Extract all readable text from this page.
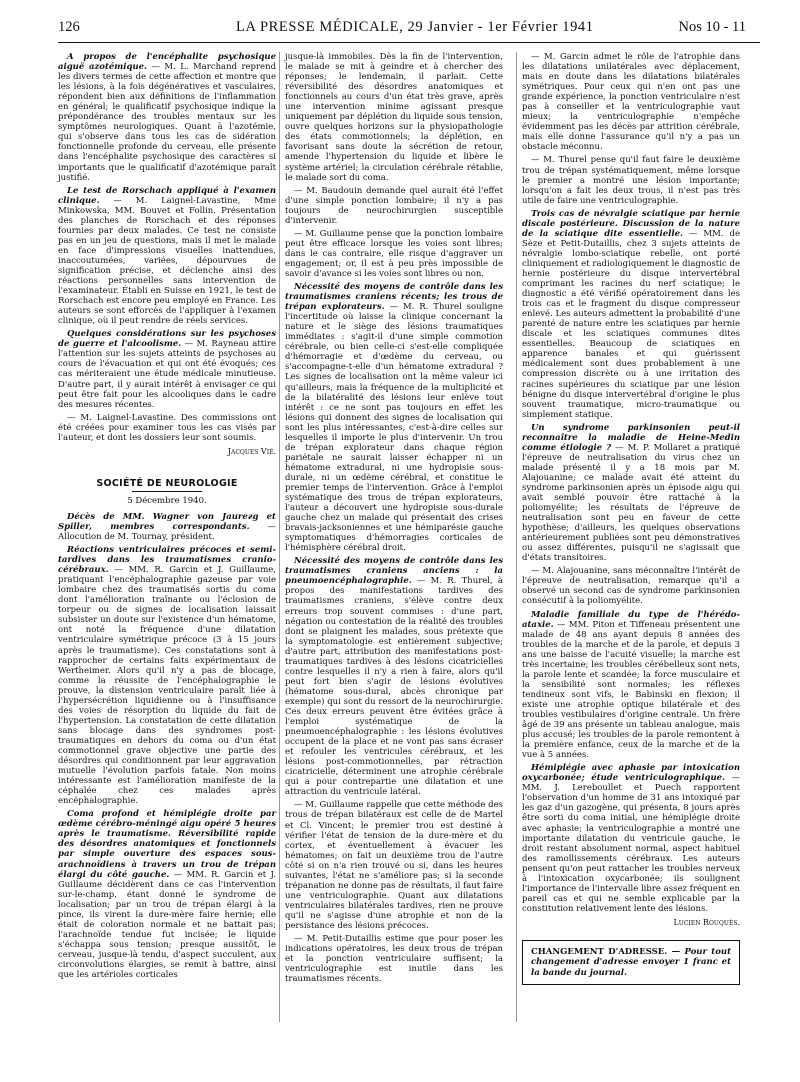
126	LA PRESSE MÉDICALE, 29 Janvier - 1er Février 1941	Nos 10 - 11

A propos de l'encéphalite psychosique aiguë azotémique. — M. L. Marchand reprend les divers termes de cette affection et montre que les lésions, à la fois dégénératives et vasculaires, répondent bien aux définitions de l'inflammation en général; le qualificatif psychosique indique la prépondérance des troubles mentaux sur les symptômes neurologiques. Quant à l'azotémie, qui s'observe dans tous les cas de sidération fonctionnelle profonde du cerveau, elle présente dans l'encéphalite psychosique des caractères si importants que le qualificatif d'azotémique paraît justifié.

Le test de Rorschach appliqué à l'examen clinique. — M. Laignel-Lavastine, Mme Minkowska, MM. Bouvet et Follin. Présentation des planches de Rorschach et des réponses fournies par deux malades. Ce test ne consiste pas en un jeu de questions, mais il met le malade en face d'impressions visuelles inattendues, inaccoutumées, variées, dépourvues de signification précise, et déclenche ainsi des réactions personnelles sans intervention de l'examinateur. Établi en Suisse en 1921, le test de Rorschach est encore peu employé en France. Les auteurs se sont efforcés de l'appliquer à l'examen clinique, où il peut rendre de réels services.

Quelques considérations sur les psychoses de guerre et l'alcoolisme. — M. Rayneau attire l'attention sur les sujets atteints de psychoses au cours de l'évacuation et qui ont été évoqués; ces cas mériteraient une étude médicale minutieuse. D'autre part, il y aurait intérêt à envisager ce qui peut être fait pour les alcooliques dans le cadre des mesures récentes.

— M. Laignel-Lavastine. Des commissions ont été créées pour examiner tous les cas visés par l'auteur, et dont les dossiers leur sont soumis.

Jacques Vié.
SOCIÉTÉ DE NEUROLOGIE
5 Décembre 1940.

Décès de MM. Wagner von Jaurегg et Spiller, membres correspondants. — Allocution de M. Tournay, président.

Réactions ventriculaires précoces et semi-tardives dans les traumatismes cranio-cérébraux. — MM. R. Garcin et J. Guillaume, pratiquant l'encéphalographie gazeuse par voie lombaire chez des traumatisés sortis du coma dont l'amélioration traînante ou l'éclosion de torpeur ou de signes de localisation laissait subsister un doute sur l'existence d'un hématome, ont noté la fréquence d'une dilatation ventriculaire symétrique précoce (3 à 15 jours après le traumatisme). Ces constatations sont à rapprocher de certains faits expérimentaux de Wertheimer. Alors qu'il n'y a pas de blocage, comme la réussite de l'encéphalographie le prouve, la distension ventriculaire paraît liée à l'hypersécrétion liquidienne ou à l'insuffisance des voies de résorption du liquide du fait de l'hypertension. La constatation de cette dilatation sans blocage dans des syndromes post-traumatiques en dehors du coma ou d'un état commotionnel grave objective une partie des désordres qui conditionnent par leur aggravation mutuelle l'évolution parfois fatale. Non moins intéressante est l'amélioration manifeste de la céphalée chez ces malades après encéphalographie.

Coma profond et hémiplégie droite par œdème cérébro-méningé aigu opéré 5 heures après le traumatisme. Réversibilité rapide des désordres anatomiques et fonctionnels par simple ouverture des espaces sous-arachnoïdiens à travers un trou de trépan élargi du côté gauche. — MM. R. Garcin et J. Guillaume décidèrent dans ce cas l'intervention sur-le-champ, étant donné le syndrome de localisation; par un trou de trépan élargi à la pince, ils virent la dure-mère faire hernie; elle était de coloration normale et ne battait pas; l'arachnoïde tendue fut incisée; le liquide s'échappa sous tension; presque aussitôt, le cerveau, jusque-là tendu, d'aspect succulent, aux circonvolutions élargies, se remit à battre, ainsi que les artérioles corticales

jusque-là immobiles. Dès la fin de l'intervention, le malade se mit à geindre et à chercher des réponses; le lendemain, il parlait. Cette réversibilité des désordres anatomiques et fonctionnels au cours d'un état très grave, après une intervention minime agissant presque uniquement par déplétion du liquide sous tension, ouvre quelques horizons sur la physiopathologie des états commotionnels; la déplétion, en favorisant sans doute la sécrétion de retour, amende l'hypertension du liquide et libère le système artériel; la circulation cérébrale rétablie, le malade sort du coma.

— M. Baudouin demande quel aurait été l'effet d'une simple ponction lombaire; il n'y a pas toujours de neurochirurgien susceptible d'intervenir.

— M. Guillaume pense que la ponction lombaire peut être efficace lorsque les voies sont libres; dans le cas contraire, elle risque d'aggraver un engagement; or, il est à peu près impossible de savoir d'avance si les voies sont libres ou non.

Nécessité des moyens de contrôle dans les traumatismes craniens récents; les trous de trépan explorateurs. — M. R. Thurel souligne l'incertitude où laisse la clinique concernant la nature et le siège des lésions traumatiques immédiates : s'agit-il d'une simple commotion cérébrale, ou bien celle-ci s'est-elle compliquée d'hémorragie et d'œdème du cerveau, ou s'accompagne-t-elle d'un hématome extradural ? Les signes de localisation ont la même valeur ici qu'ailleurs, mais la fréquence de la multiplicité et de la bilatéralité des lésions leur enlève tout intérêt : ce ne sont pas toujours en effet les lésions qui donnent des signes de localisation qui sont les plus intéressantes, c'est-à-dire celles sur lesquelles il importe le plus d'intervenir. Un trou de trépan explorateur dans chaque région pariétale ne saurait laisser échapper ni un hématome extradural, ni une hydropisie sous-durale, ni un œdème cérébral, et constitue le premier temps de l'intervention. Grâce à l'emploi systématique des trous de trépan explorateurs, l'auteur a découvert une hydropisie sous-durale gauche chez un malade qui présentait des crises bravais-jacksoniennes et une hémiparésie gauche symptomatiques d'hémorragies corticales de l'hémisphère cérébral droit.

Nécessité des moyens de contrôle dans les traumatismes craniens anciens : la pneumoencéphalographie. — M. R. Thurel, à propos des manifestations tardives des traumatismes craniens, s'élève contre deux erreurs trop souvent commises : d'une part, négation ou contestation de la réalité des troubles dont se plaignent les malades, sous prétexte que la symptomatologie est entièrement subjective; d'autre part, attribution des manifestations post-traumatiques tardives à des lésions cicatricielles contre lesquelles il n'y a rien à faire, alors qu'il peut fort bien s'agir de lésions évolutives (hématome sous-dural, abcès chronique par exemple) qui sont du ressort de la neurochirurgie. Ces deux erreurs peuvent être évitées grâce à l'emploi systématique de la pneumoencéphalographie : les lésions évolutives occupent de la place et ne vont pas sans écraser et refouler les ventricules cérébraux, et les lésions post-commotionnelles, par rétraction cicatricielle, déterminent une atrophie cérébrale qui a pour contrepartie une dilatation et une attraction du ventricule latéral.

— M. Guillaume rappelle que cette méthode des trous de trépan bilatéraux est celle de de Martel et Cl. Vincent; le premier trou est destiné à vérifier l'état de tension de la dure-mère et du cortex, et éventuellement à évacuer les hématomes; on fait un deuxième trou de l'autre côté si on n'a rien trouvé ou si, dans les heures suivantes, l'état ne s'améliore pas; si la seconde trépanation ne donne pas de résultats, il faut faire une ventriculographie. Quant aux dilatations ventriculaires bilatérales tardives, rien ne prouve qu'il ne s'agisse d'une atrophie et non de la persistance des lésions précoces.

— M. Petit-Dutaillis estime que pour poser les indications opératoires, les deux trous de trépan et la ponction ventriculaire suffisent; la ventriculographie est inutile dans les traumatismes récents.

— M. Garcin admet le rôle de l'atrophie dans les dilatations unilatérales avec déplacement, mais en doute dans les dilatations bilatérales symétriques. Pour ceux qui n'en ont pas une grande expérience, la ponction ventriculaire n'est pas à conseiller et la ventriculographie vaut mieux; la ventriculographie n'empêche évidemment pas les décès par attrition cérébrale, mais elle donne l'assurance qu'il n'y a pas un obstacle méconnu.

— M. Thurel pense qu'il faut faire le deuxième trou de trépan systématiquement, même lorsque le premier a montré une lésion importante; lorsqu'on a fait les deux trous, il n'est pas très utile de faire une ventriculographie.

Trois cas de névralgie sciatique par hernie discale postérieure. Discussion de la nature de la sciatique dite essentielle. — MM. de Sèze et Petit-Dutaillis, chez 3 sujets atteints de névralgie lombo-sciatique rebelle, ont porté cliniquement et radiologiquement le diagnostic de hernie postérieure du disque intervertébral comprimant les racines du nerf sciatique; le diagnostic a été vérifié opératoirement dans les trois cas et le fragment du disque compresseur enlevé. Les auteurs admettent la probabilité d'une parenté de nature entre les sciatiques par hernie discale et les sciatiques communes dites essentielles. Beaucoup de sciatiques en apparence banales et qui guérissent médicalement sont dues probablement à une compression discrète ou à une irritation des racines supérieures du sciatique par une lésion bénigne du disque intervertébral d'origine le plus souvent traumatique, micro-traumatique ou simplement statique.

Un syndrome parkinsonien peut-il reconnaître la maladie de Heine-Medin comme étiologie ? — M. P. Mollaret a pratiqué l'épreuve de neutralisation du virus chez un malade présenté il y a 18 mois par M. Alajouanine; ce malade avait été atteint du syndrome parkinsonien après un épisode aigu qui avait semblé pouvoir être rattaché à la poliomyélite; les résultats de l'épreuve de neutralisation sont peu en faveur de cette hypothèse; d'ailleurs, les quelques observations antérieurement publiées sont peu démonstratives ou assez différentes, puisqu'il ne s'agissait que d'états transitoires.

— M. Alajouanine, sans méconnaître l'intérêt de l'épreuve de neutralisation, remarque qu'il a observé un second cas de syndrome parkinsonien consécutif à la poliomyélite.

Maladie familiale du type de l'hérédo-ataxie. — MM. Piton et Tiffeneau présentent une malade de 48 ans ayant depuis 8 années des troubles de la marche et de la parole, et depuis 3 ans une baisse de l'acuité visuelle; la marche est très incertaine; les troubles cérébelleux sont nets, la parole lente et scandée; la force musculaire et la sensibilité sont normales; les réflexes tendineux sont vifs, le Babinski en flexion; il existe une atrophie optique bilatérale et des troubles vestibulaires d'origine centrale. Un frère âgé de 39 ans présente un tableau analogue, mais plus accusé; les troubles de la parole remontent à la première enfance, ceux de la marche et de la vue à 5 années.

Hémiplégie avec aphasie par intoxication oxycarbonée; étude ventriculographique. — MM. J. Lereboullet et Puech rapportent l'observation d'un homme de 31 ans intoxiqué par les gaz d'un gazogène, qui présenta, 8 jours après être sorti du coma initial, une hémiplégie droite avec aphasie; la ventriculographie a montré une importante dilatation du ventricule gauche, le droit restant absolument normal, aspect habituel des ramollissements cérébraux. Les auteurs pensent qu'on peut rattacher les troubles nerveux à l'intoxication oxycarbonée; ils soulignent l'importance de l'intervalle libre assez fréquent en pareil cas et qui ne semble explicable par la constitution relativement lente des lésions.

Lucien Rouquès.
CHANGEMENT D'ADRESSE. — Pour tout changement d'adresse envoyer 1 franc et la bande du journal.
